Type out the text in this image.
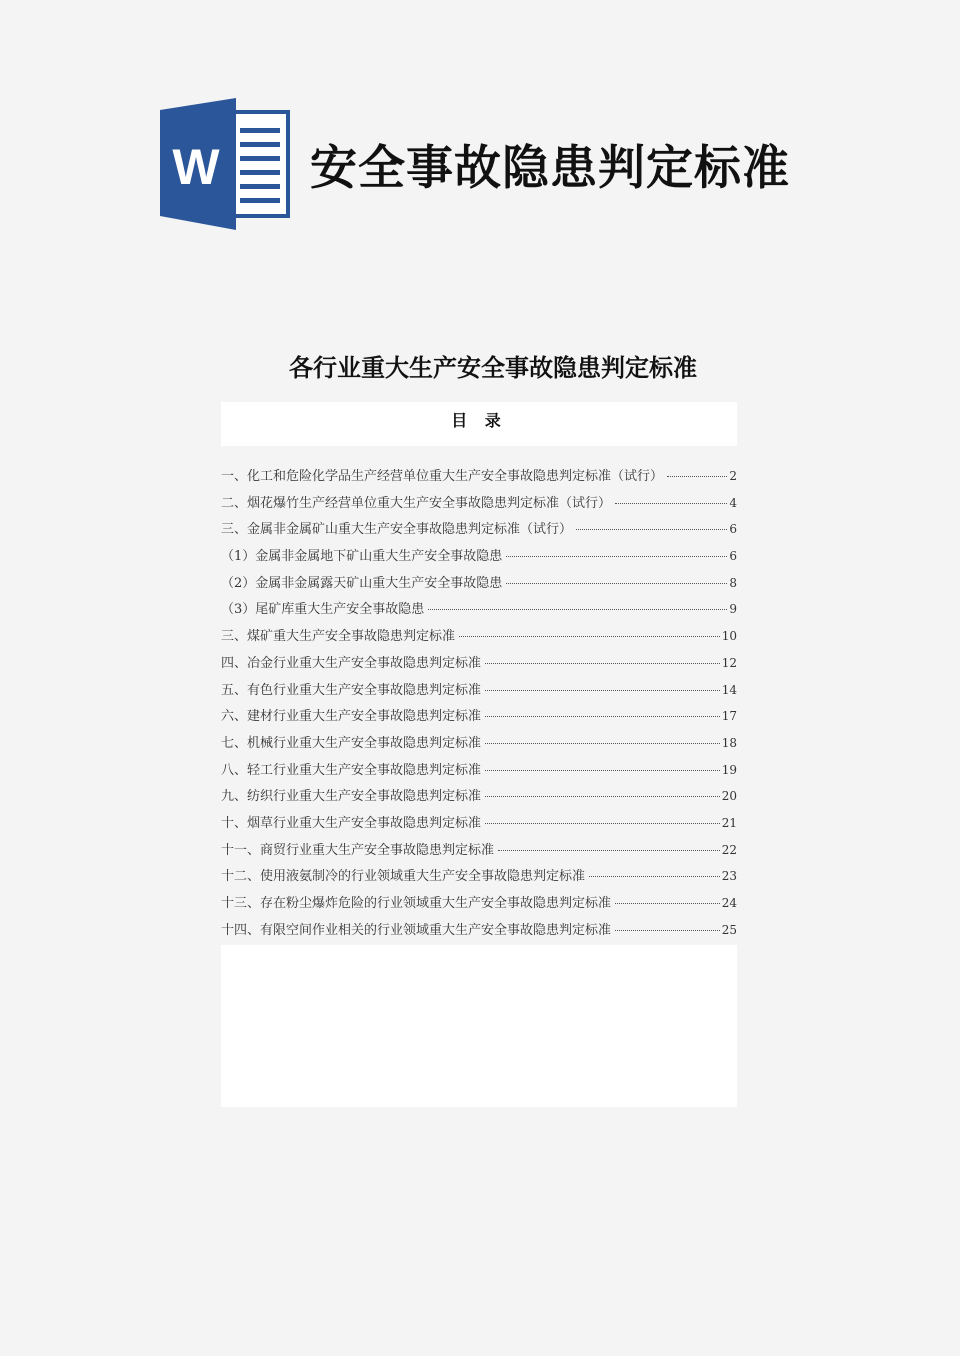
W 安全事故隐患判定标准
各行业重大生产安全事故隐患判定标准
目 录
一、化工和危险化学品生产经营单位重大生产安全事故隐患判定标准（试行）	2
二、烟花爆竹生产经营单位重大生产安全事故隐患判定标准（试行）	4
三、金属非金属矿山重大生产安全事故隐患判定标准（试行）	6
（1）金属非金属地下矿山重大生产安全事故隐患	6
（2）金属非金属露天矿山重大生产安全事故隐患	8
（3）尾矿库重大生产安全事故隐患	9
三、煤矿重大生产安全事故隐患判定标准	10
四、冶金行业重大生产安全事故隐患判定标准	12
五、有色行业重大生产安全事故隐患判定标准	14
六、建材行业重大生产安全事故隐患判定标准	17
七、机械行业重大生产安全事故隐患判定标准	18
八、轻工行业重大生产安全事故隐患判定标准	19
九、纺织行业重大生产安全事故隐患判定标准	20
十、烟草行业重大生产安全事故隐患判定标准	21
十一、商贸行业重大生产安全事故隐患判定标准	22
十二、使用液氨制冷的行业领域重大生产安全事故隐患判定标准	23
十三、存在粉尘爆炸危险的行业领域重大生产安全事故隐患判定标准	24
十四、有限空间作业相关的行业领域重大生产安全事故隐患判定标准	25
